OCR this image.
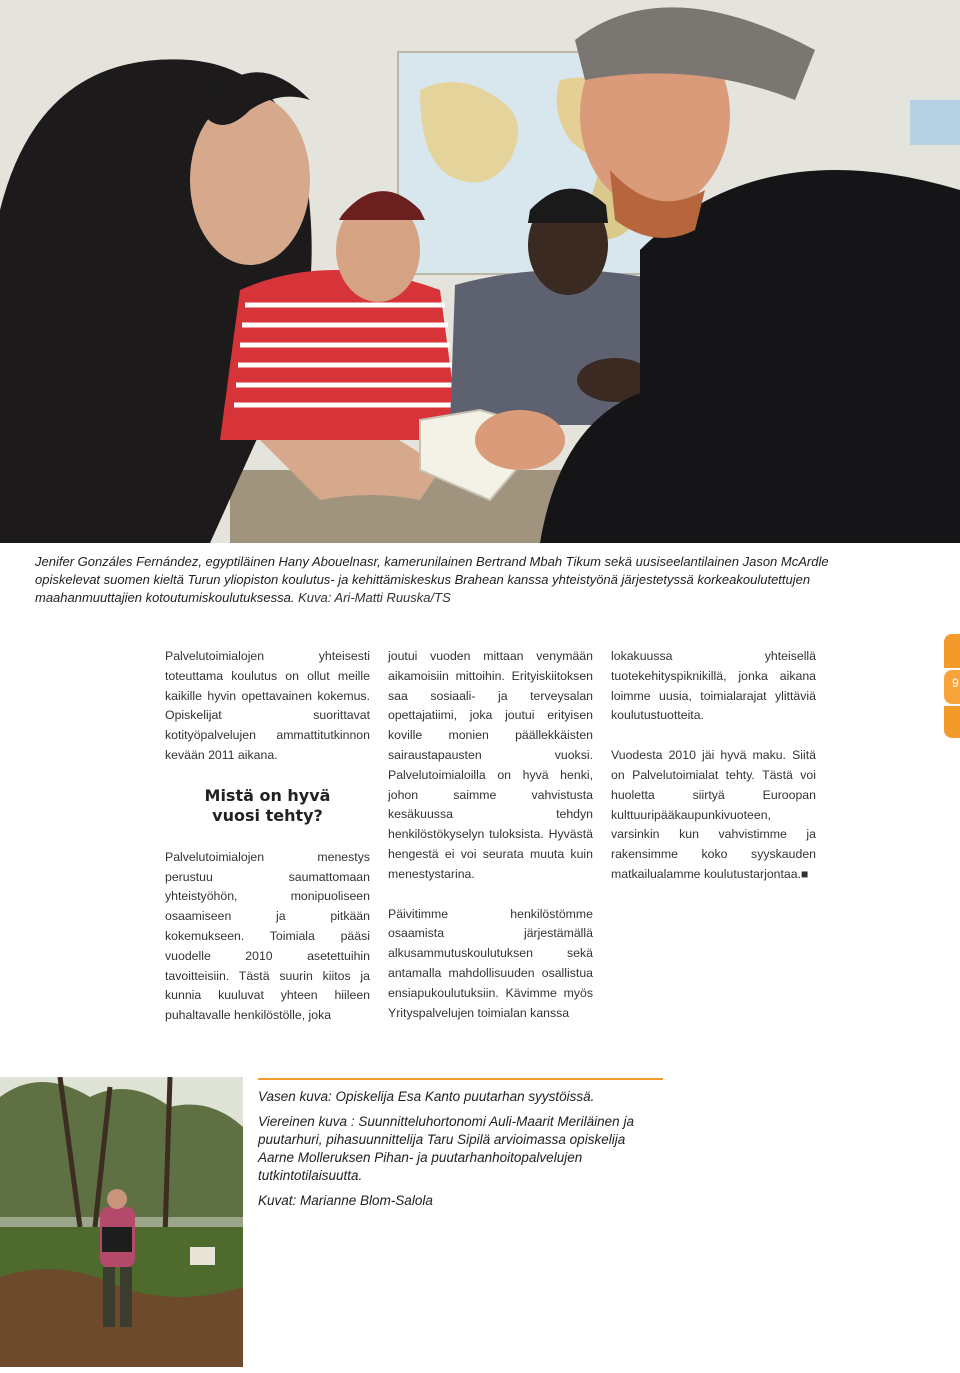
Jenifer Gonzáles Fernández, egyptiläinen Hany Abouelnasr, kamerunilainen Bertrand Mbah Tikum sekä uusiseelantilainen Jason McArdle opiskelevat suomen kieltä Turun yliopiston koulutus- ja kehittämiskeskus Brahean kanssa yhteistyönä järjestetyssä korkeakoulutettujen maahanmuuttajien kotoutumiskoulutuksessa. Kuva: Ari-Matti Ruuska/TS

Palvelutoimialojen yhteisesti toteuttama koulutus on ollut meille kaikille hyvin opettavainen kokemus. Opiskelijat suorittavat kotityöpalvelujen ammattitutkinnon kevään 2011 aikana.

Mistä on hyvä
vuosi tehty?

Palvelutoimialojen menestys perustuu saumattomaan yhteistyöhön, monipuoliseen osaamiseen ja pitkään kokemukseen. Toimiala pääsi vuodelle 2010 asetettuihin tavoitteisiin. Tästä suurin kiitos ja kunnia kuuluvat yhteen hiileen puhaltavalle henkilöstölle, joka

joutui vuoden mittaan venymään aikamoisiin mittoihin. Erityiskiitoksen saa sosiaali- ja terveysalan opettajatiimi, joka joutui erityisen koville monien päällekkäisten sairaustapausten vuoksi. Palvelutoimialoilla on hyvä henki, johon saimme vahvistusta kesäkuussa tehdyn henkilöstökyselyn tuloksista. Hyvästä hengestä ei voi seurata muuta kuin menestystarina.

Päivitimme henkilöstömme osaamista järjestämällä alkusammutuskoulutuksen sekä antamalla mahdollisuuden osallistua ensiapukoulutuksiin. Kävimme myös Yrityspalvelujen toimialan kanssa

lokakuussa yhteisellä tuotekehityspiknikillä, jonka aikana loimme uusia, toimialarajat ylittäviä koulutustuotteita.

Vuodesta 2010 jäi hyvä maku. Siitä on Palvelutoimialat tehty. Tästä voi huoletta siirtyä Euroopan kulttuuripääkaupunkivuoteen, varsinkin kun vahvistimme ja rakensimme koko syyskauden matkailualamme koulutustarjontaa.■

9

Vasen kuva: Opiskelija Esa Kanto puutarhan syystöissä.

Viereinen kuva : Suunnitteluhortonomi Auli-Maarit Meriläinen ja puutarhuri, pihasuunnittelija Taru Sipilä arvioimassa opiskelija Aarne Molleruksen Pihan- ja puutarhanhoitopalvelujen tutkintotilaisuutta.

Kuvat: Marianne Blom-Salola
